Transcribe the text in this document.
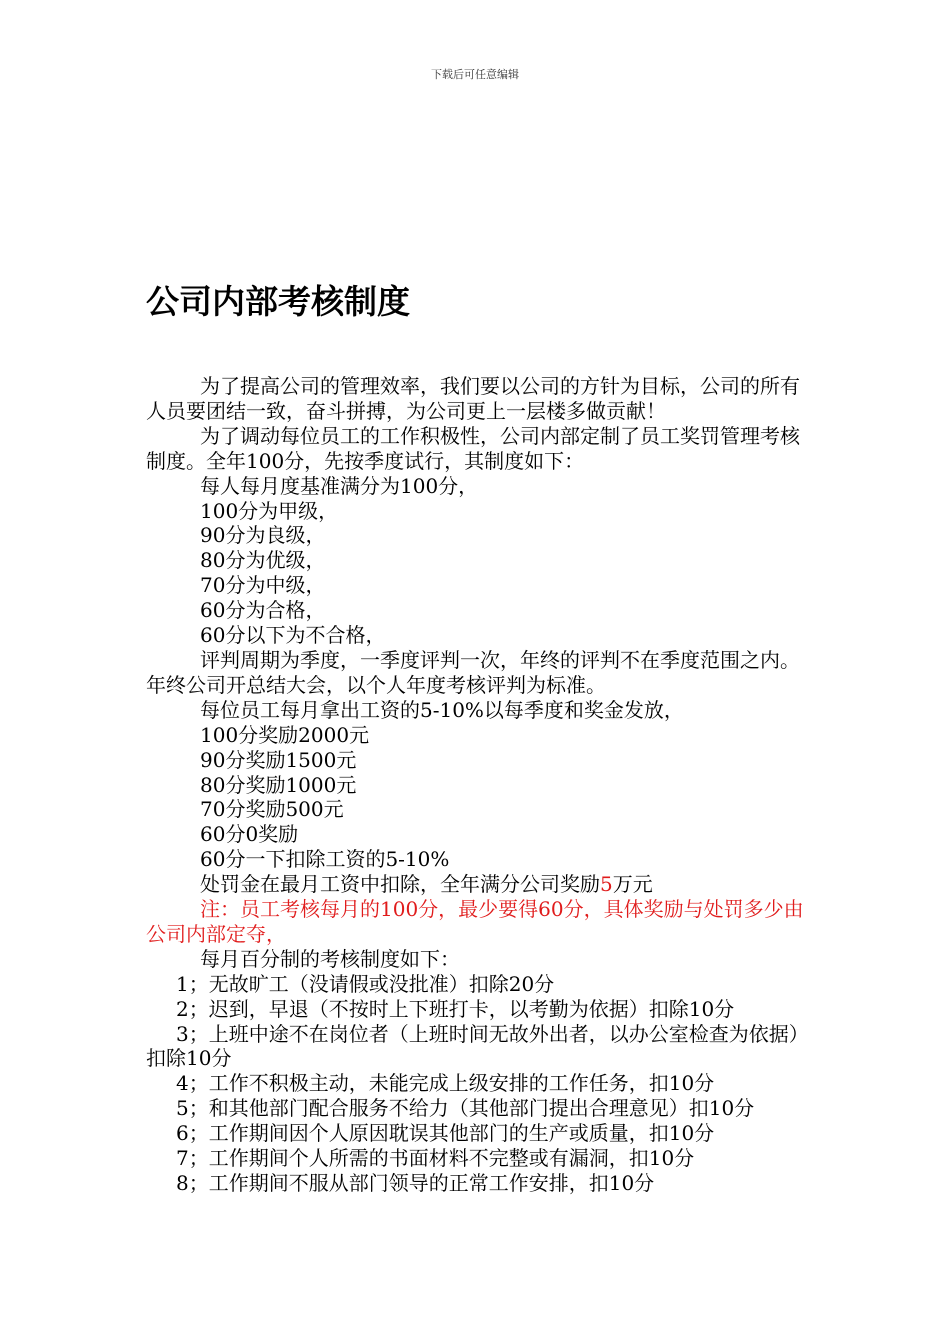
下载后可任意编辑
公司内部考核制度

为了提高公司的管理效率，我们要以公司的方针为目标，公司的所有人员要团结一致，奋斗拼搏，为公司更上一层楼多做贡献！

为了调动每位员工的工作积极性，公司内部定制了员工奖罚管理考核制度。全年100分，先按季度试行，其制度如下：

每人每月度基准满分为100分，

100分为甲级，

90分为良级，

80分为优级，

70分为中级，

60分为合格，

60分以下为不合格，

评判周期为季度，一季度评判一次，年终的评判不在季度范围之内。年终公司开总结大会，以个人年度考核评判为标准。

每位员工每月拿出工资的5-10%以每季度和奖金发放，

100分奖励2000元

90分奖励1500元

80分奖励1000元

70分奖励500元

60分0奖励

60分一下扣除工资的5-10%

处罚金在最月工资中扣除，全年满分公司奖励5万元

注：员工考核每月的100分，最少要得60分，具体奖励与处罚多少由公司内部定夺，

每月百分制的考核制度如下：

1；无故旷工（没请假或没批准）扣除20分

2；迟到，早退（不按时上下班打卡，以考勤为依据）扣除10分

3；上班中途不在岗位者（上班时间无故外出者，以办公室检查为依据）扣除10分

4；工作不积极主动，未能完成上级安排的工作任务，扣10分

5；和其他部门配合服务不给力（其他部门提出合理意见）扣10分

6；工作期间因个人原因耽误其他部门的生产或质量，扣10分

7；工作期间个人所需的书面材料不完整或有漏洞，扣10分

8；工作期间不服从部门领导的正常工作安排，扣10分
